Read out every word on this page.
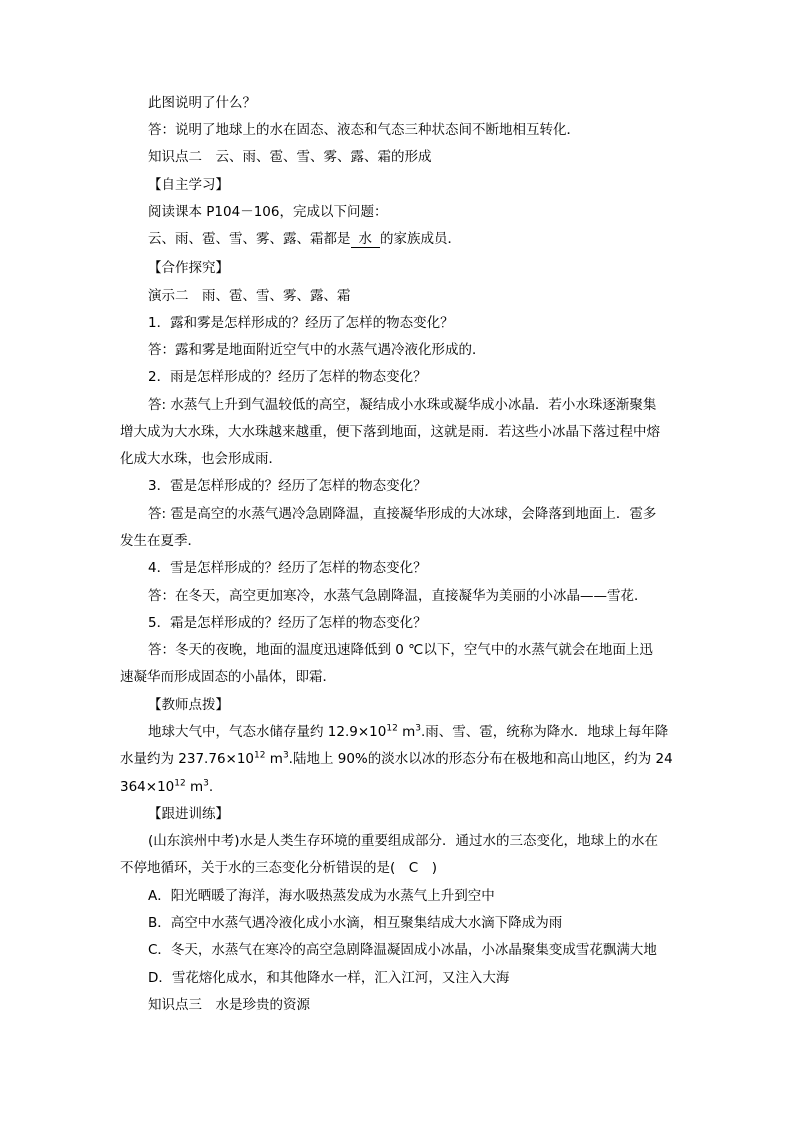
此图说明了什么？
答：说明了地球上的水在固态、液态和气态三种状态间不断地相互转化．
知识点二　云、雨、雹、雪、雾、露、霜的形成
【自主学习】
阅读课本 P104－106，完成以下问题：
云、雨、雹、雪、雾、露、霜都是 水 的家族成员．
【合作探究】
演示二　雨、雹、雪、雾、露、霜
1．露和雾是怎样形成的？经历了怎样的物态变化？
答：露和雾是地面附近空气中的水蒸气遇冷液化形成的．
2．雨是怎样形成的？经历了怎样的物态变化？
答: 水蒸气上升到气温较低的高空，凝结成小水珠或凝华成小冰晶．若小水珠逐渐聚集
增大成为大水珠，大水珠越来越重，便下落到地面，这就是雨．若这些小冰晶下落过程中熔
化成大水珠，也会形成雨．
3．雹是怎样形成的？经历了怎样的物态变化？
答: 雹是高空的水蒸气遇冷急剧降温，直接凝华形成的大冰球，会降落到地面上．雹多
发生在夏季．
4．雪是怎样形成的？经历了怎样的物态变化？
答：在冬天，高空更加寒冷，水蒸气急剧降温，直接凝华为美丽的小冰晶——雪花．
5．霜是怎样形成的？经历了怎样的物态变化？
答：冬天的夜晚，地面的温度迅速降低到 0 ℃以下，空气中的水蒸气就会在地面上迅
速凝华而形成固态的小晶体，即霜．
【教师点拨】
地球大气中，气态水储存量约 $12.9\times 10^{12}$ $m^3$.雨、雪、雹，统称为降水．地球上每年降
水量约为 $237.76\times 10^{12}$ $m^3$.陆地上 90%的淡水以冰的形态分布在极地和高山地区，约为 24
$364\times 10^{12}$ $m^3$.
【跟进训练】
(山东滨州中考)水是人类生存环境的重要组成部分．通过水的三态变化，地球上的水在
不停地循环，关于水的三态变化分析错误的是(　C　)
A．阳光晒暖了海洋，海水吸热蒸发成为水蒸气上升到空中
B．高空中水蒸气遇冷液化成小水滴，相互聚集结成大水滴下降成为雨
C．冬天，水蒸气在寒冷的高空急剧降温凝固成小冰晶，小冰晶聚集变成雪花飘满大地
D．雪花熔化成水，和其他降水一样，汇入江河，又注入大海
知识点三　水是珍贵的资源
